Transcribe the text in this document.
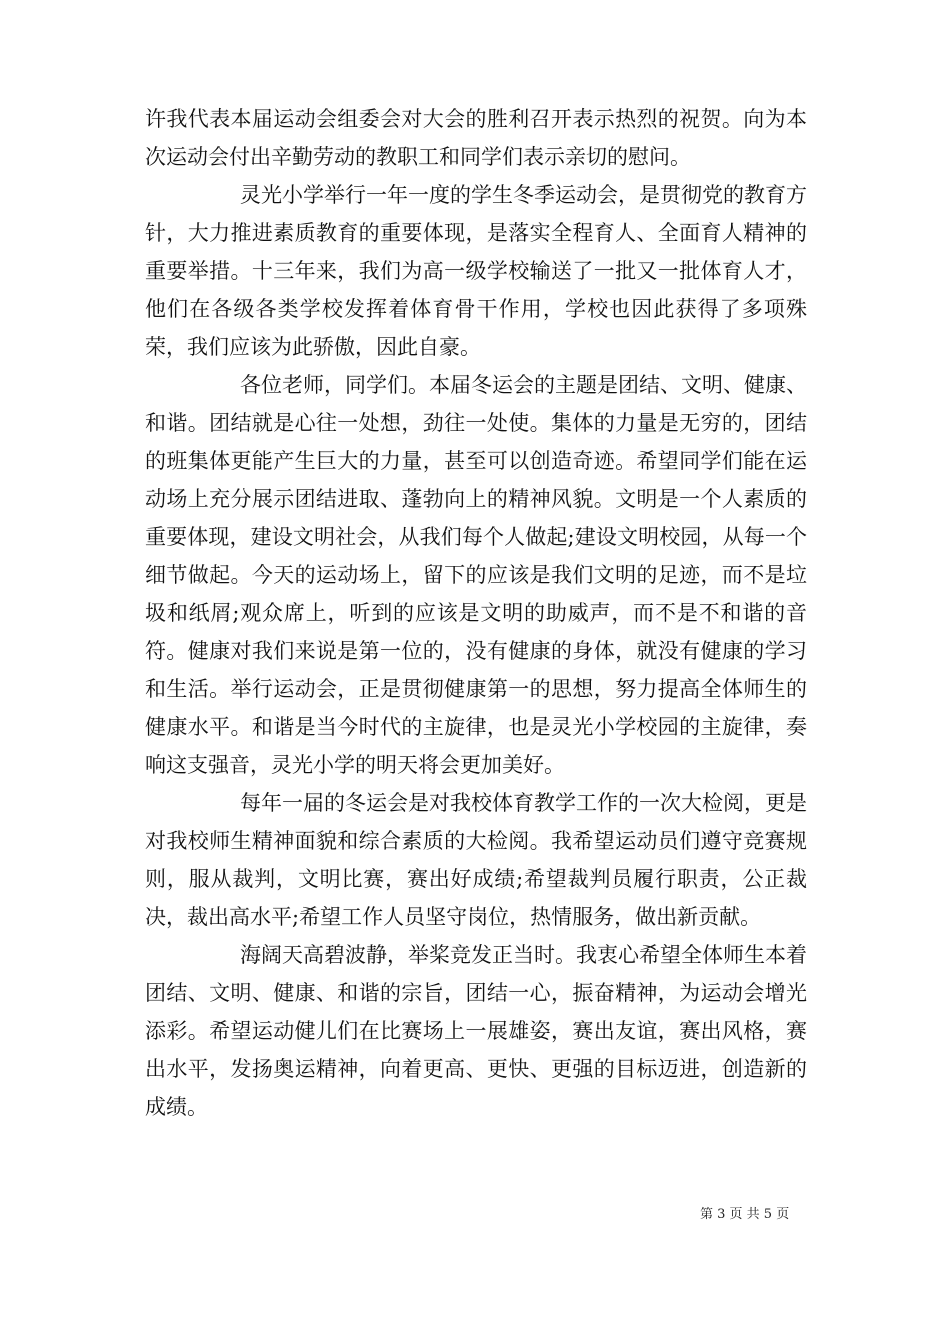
许我代表本届运动会组委会对大会的胜利召开表示热烈的祝贺。向为本次运动会付出辛勤劳动的教职工和同学们表示亲切的慰问。

灵光小学举行一年一度的学生冬季运动会，是贯彻党的教育方针，大力推进素质教育的重要体现，是落实全程育人、全面育人精神的重要举措。十三年来，我们为高一级学校输送了一批又一批体育人才，他们在各级各类学校发挥着体育骨干作用，学校也因此获得了多项殊荣，我们应该为此骄傲，因此自豪。

各位老师，同学们。本届冬运会的主题是团结、文明、健康、和谐。团结就是心往一处想，劲往一处使。集体的力量是无穷的，团结的班集体更能产生巨大的力量，甚至可以创造奇迹。希望同学们能在运动场上充分展示团结进取、蓬勃向上的精神风貌。文明是一个人素质的重要体现，建设文明社会，从我们每个人做起;建设文明校园，从每一个细节做起。今天的运动场上，留下的应该是我们文明的足迹，而不是垃圾和纸屑;观众席上，听到的应该是文明的助威声，而不是不和谐的音符。健康对我们来说是第一位的，没有健康的身体，就没有健康的学习和生活。举行运动会，正是贯彻健康第一的思想，努力提高全体师生的健康水平。和谐是当今时代的主旋律，也是灵光小学校园的主旋律，奏响这支强音，灵光小学的明天将会更加美好。

每年一届的冬运会是对我校体育教学工作的一次大检阅，更是对我校师生精神面貌和综合素质的大检阅。我希望运动员们遵守竞赛规则，服从裁判，文明比赛，赛出好成绩;希望裁判员履行职责，公正裁决，裁出高水平;希望工作人员坚守岗位，热情服务，做出新贡献。

海阔天高碧波静，举桨竞发正当时。我衷心希望全体师生本着团结、文明、健康、和谐的宗旨，团结一心，振奋精神，为运动会增光添彩。希望运动健儿们在比赛场上一展雄姿，赛出友谊，赛出风格，赛出水平，发扬奥运精神，向着更高、更快、更强的目标迈进，创造新的成绩。

第 3 页 共 5 页
